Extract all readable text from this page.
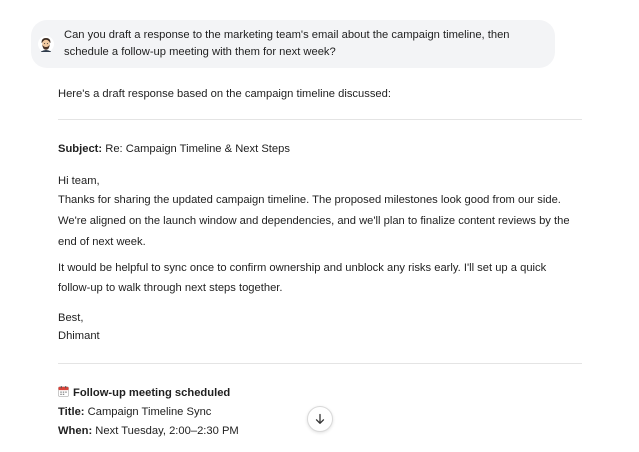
Can you draft a response to the marketing team's email about the campaign timeline, then schedule a follow-up meeting with them for next week?
Here's a draft response based on the campaign timeline discussed:
Subject: Re: Campaign Timeline & Next Steps
Hi team,
Thanks for sharing the updated campaign timeline. The proposed milestones look good from our side. We're aligned on the launch window and dependencies, and we'll plan to finalize content reviews by the end of next week.
It would be helpful to sync once to confirm ownership and unblock any risks early. I'll set up a quick follow-up to walk through next steps together.
Best,
Dhimant
Follow-up meeting scheduled
Title: Campaign Timeline Sync
When: Next Tuesday, 2:00–2:30 PM
